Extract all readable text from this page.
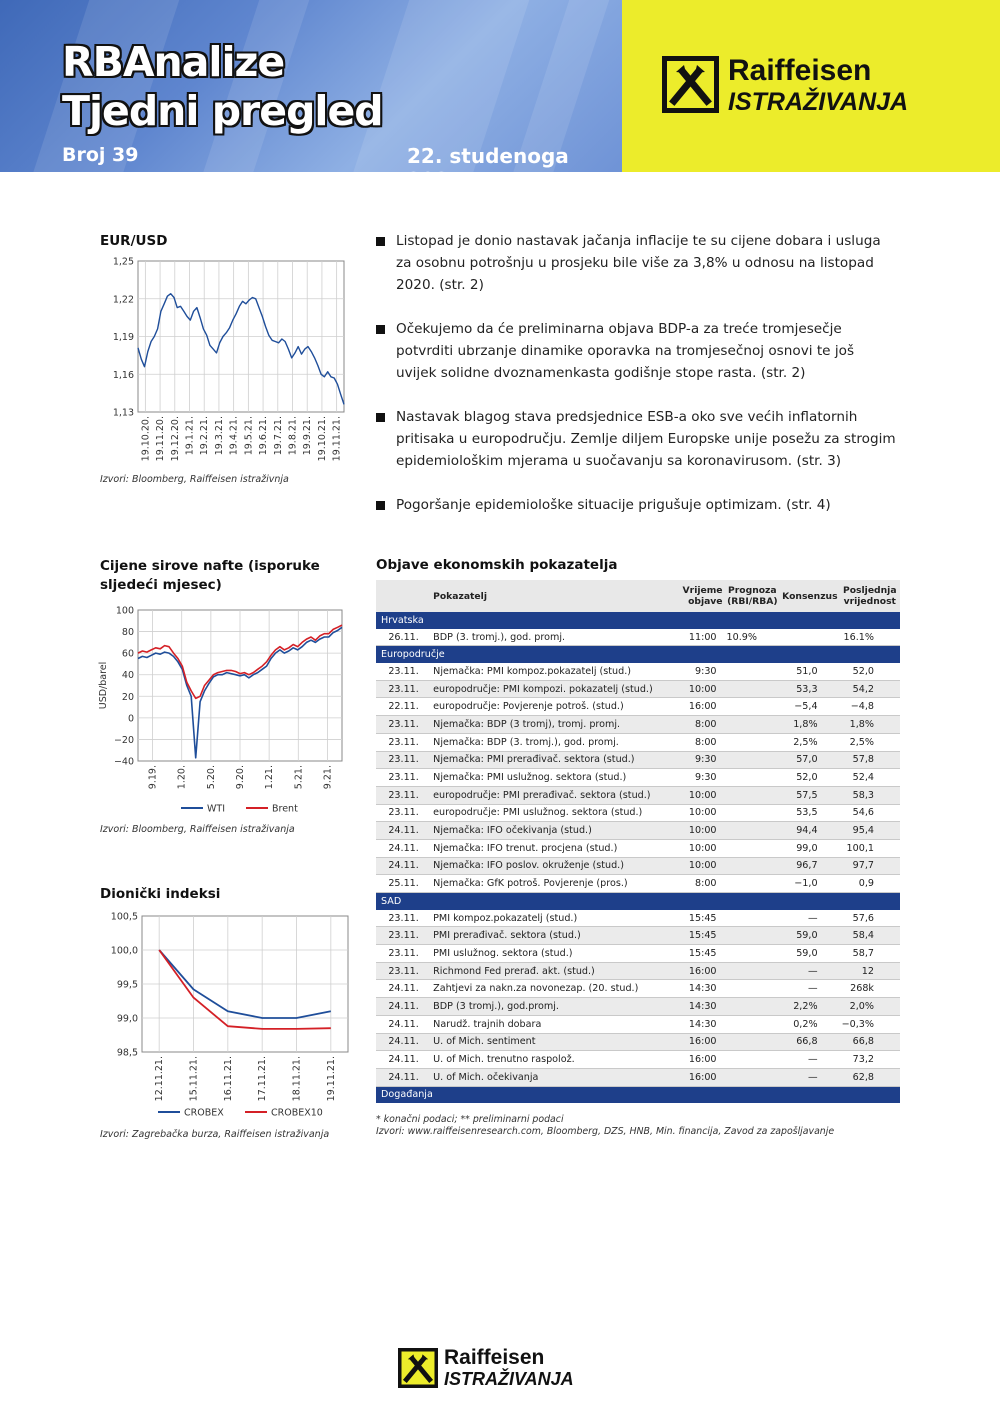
RBAnalize
Tjedni pregled
Broj 39	22. studenoga 2021.
Raiffeisen
ISTRAŽIVANJA
EUR/USD
1,25
1,22
1,19
1,16
1,13
19.10.20. 19.11.20. 19.12.20. 19.1.21. 19.2.21. 19.3.21. 19.4.21. 19.5.21. 19.6.21. 19.7.21. 19.8.21. 19.9.21. 19.10.21. 19.11.21.
Izvori: Bloomberg, Raiffeisen istraživnja
Cijene sirove nafte (isporuke sljedeći mjesec)
100
80
60
40
20
0
−20
−40
9.19. 1.20. 5.20. 9.20. 1.21. 5.21. 9.21.
USD/barel
WTI	Brent
Izvori: Bloomberg, Raiffeisen istraživanja
Dionički indeksi
100,5
100,0
99,5
99,0
98,5
12.11.21. 15.11.21. 16.11.21. 17.11.21. 18.11.21. 19.11.21.
CROBEX	CROBEX10
Izvori: Zagrebačka burza, Raiffeisen istraživanja
Listopad je donio nastavak jačanja inflacije te su cijene dobara i usluga za osobnu potrošnju u prosjeku bile više za 3,8% u odnosu na listopad 2020. (str. 2)
Očekujemo da će preliminarna objava BDP-a za treće tromjesečje potvrditi ubrzanje dinamike oporavka na tromjesečnoj osnovi te još uvijek solidne dvoznamenkasta godišnje stope rasta. (str. 2)
Nastavak blagog stava predsjednice ESB-a oko sve većih inflatornih pritisaka u europodručju. Zemlje diljem Europske unije posežu za strogim epidemiološkim mjerama u suočavanju sa koronavirusom. (str. 3)
Pogoršanje epidemiološke situacije prigušuje optimizam. (str. 4)
Objave ekonomskih pokazatelja
	Pokazatelj	Vrijeme objave	Prognoza (RBI/RBA)	Konsenzus	Posljednja vrijednost
Hrvatska					
26.11.	BDP (3. tromj.), god. promj.	11:00	10.9%		16.1%
Europodručje					
23.11.	Njemačka: PMI kompoz.pokazatelj (stud.)	9:30		51,0	52,0
23.11.	europodručje: PMI kompozi. pokazatelj (stud.)	10:00		53,3	54,2
22.11.	europodručje: Povjerenje potroš. (stud.)	16:00		−5,4	−4,8
23.11.	Njemačka: BDP (3 tromj), tromj. promj.	8:00		1,8%	1,8%
23.11.	Njemačka: BDP (3. tromj.), god. promj.	8:00		2,5%	2,5%
23.11.	Njemačka: PMI prerađivač. sektora (stud.)	9:30		57,0	57,8
23.11.	Njemačka: PMI uslužnog. sektora (stud.)	9:30		52,0	52,4
23.11.	europodručje: PMI prerađivač. sektora (stud.)	10:00		57,5	58,3
23.11.	europodručje: PMI uslužnog. sektora (stud.)	10:00		53,5	54,6
24.11.	Njemačka: IFO očekivanja (stud.)	10:00		94,4	95,4
24.11.	Njemačka: IFO trenut. procjena (stud.)	10:00		99,0	100,1
24.11.	Njemačka: IFO poslov. okruženje (stud.)	10:00		96,7	97,7
25.11.	Njemačka: GfK potroš. Povjerenje (pros.)	8:00		−1,0	0,9
SAD					
23.11.	PMI kompoz.pokazatelj (stud.)	15:45		—	57,6
23.11.	PMI prerađivač. sektora (stud.)	15:45		59,0	58,4
23.11.	PMI uslužnog. sektora (stud.)	15:45		59,0	58,7
23.11.	Richmond Fed prerađ. akt. (stud.)	16:00		—	12
24.11.	Zahtjevi za nakn.za novonezap. (20. stud.)	14:30		—	268k
24.11.	BDP (3 tromj.), god.promj.	14:30		2,2%	2,0%
24.11.	Narudž. trajnih dobara	14:30		0,2%	−0,3%
24.11.	U. of Mich. sentiment	16:00		66,8	66,8
24.11.	U. of Mich. trenutno raspolož.	16:00		—	73,2
24.11.	U. of Mich. očekivanja	16:00		—	62,8
Događanja					
* konačni podaci; ** preliminarni podaci
Izvori: www.raiffeisenresearch.com, Bloomberg, DZS, HNB, Min. financija, Zavod za zapošljavanje
Raiffeisen
ISTRAŽIVANJA
